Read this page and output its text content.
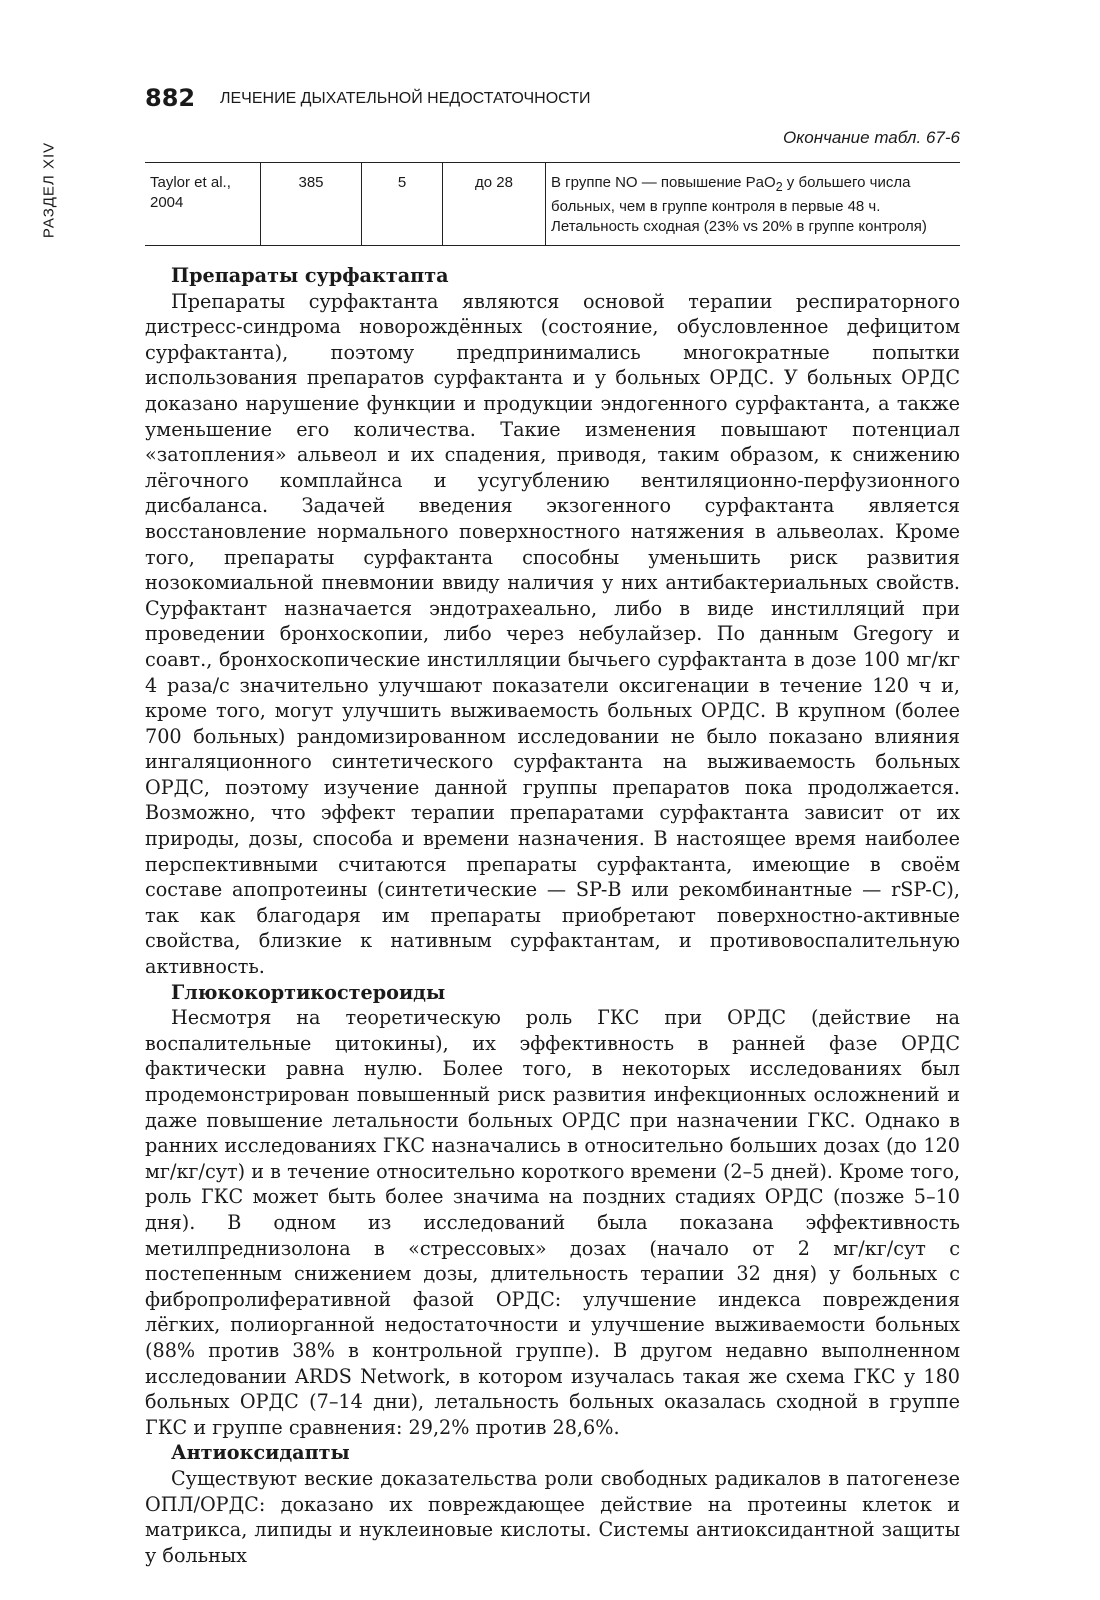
РАЗДЕЛ XIV
882 ЛЕЧЕНИЕ ДЫХАТЕЛЬНОЙ НЕДОСТАТОЧНОСТИ
Окончание табл. 67-6
Taylor et al., 2004	385	5	до 28	В группе NO — повышение PaO$_2$ у большего числа больных, чем в группе контроля в первые 48 ч. Летальность сходная (23% vs 20% в группе контроля)
Препараты сурфактапта

Препараты сурфактанта являются основой терапии респираторного дистресс-синдрома новорождённых (состояние, обусловленное дефицитом сурфактанта), поэтому предпринимались многократные попытки использования препаратов сурфактанта и у больных ОРДС. У больных ОРДС доказано нарушение функции и продукции эндогенного сурфактанта, а также уменьшение его количества. Такие изменения повышают потенциал «затопления» альвеол и их спадения, приводя, таким образом, к снижению лёгочного комплайнса и усугублению вентиляционно-перфузионного дисбаланса. Задачей введения экзогенного сурфактанта является восстановление нормального поверхностного натяжения в альвеолах. Кроме того, препараты сурфактанта способны уменьшить риск развития нозокомиальной пневмонии ввиду наличия у них антибактериальных свойств. Сурфактант назначается эндотрахеально, либо в виде инстилляций при проведении бронхоскопии, либо через небулайзер. По данным Gregory и соавт., бронхоскопические инстилляции бычьего сурфактанта в дозе 100 мг/кг 4 раза/с значительно улучшают показатели оксигенации в течение 120 ч и, кроме того, могут улучшить выживаемость больных ОРДС. В крупном (более 700 больных) рандомизированном исследовании не было показано влияния ингаляционного синтетического сурфактанта на выживаемость больных ОРДС, поэтому изучение данной группы препаратов пока продолжается. Возможно, что эффект терапии препаратами сурфактанта зависит от их природы, дозы, способа и времени назначения. В настоящее время наиболее перспективными считаются препараты сурфактанта, имеющие в своём составе апопротеины (синтетические — SP-B или рекомбинантные — rSP-C), так как благодаря им препараты приобретают поверхностно-активные свойства, близкие к нативным сурфактантам, и противовоспалительную активность.

Глюкокортикостероиды

Несмотря на теоретическую роль ГКС при ОРДС (действие на воспалительные цитокины), их эффективность в ранней фазе ОРДС фактически равна нулю. Более того, в некоторых исследованиях был продемонстрирован повышенный риск развития инфекционных осложнений и даже повышение летальности больных ОРДС при назначении ГКС. Однако в ранних исследованиях ГКС назначались в относительно больших дозах (до 120 мг/кг/сут) и в течение относительно короткого времени (2–5 дней). Кроме того, роль ГКС может быть более значима на поздних стадиях ОРДС (позже 5–10 дня). В одном из исследований была показана эффективность метилпреднизолона в «стрессовых» дозах (начало от 2 мг/кг/сут с постепенным снижением дозы, длительность терапии 32 дня) у больных с фибропролиферативной фазой ОРДС: улучшение индекса повреждения лёгких, полиорганной недостаточности и улучшение выживаемости больных (88% против 38% в контрольной группе). В другом недавно выполненном исследовании ARDS Network, в котором изучалась такая же схема ГКС у 180 больных ОРДС (7–14 дни), летальность больных оказалась сходной в группе ГКС и группе сравнения: 29,2% против 28,6%.

Антиоксидапты

Существуют веские доказательства роли свободных радикалов в патогенезе ОПЛ/ОРДС: доказано их повреждающее действие на протеины клеток и матрикса, липиды и нуклеиновые кислоты. Системы антиоксидантной защиты у больных
